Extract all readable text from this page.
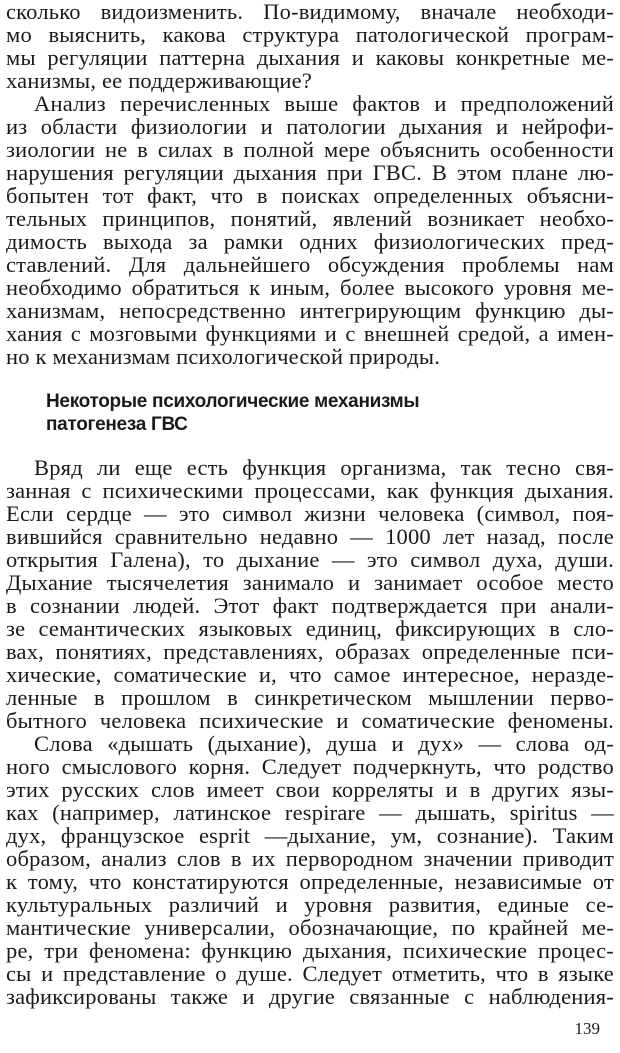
сколько видоизменить. По-видимому, вначале необходи-
мо выяснить, какова структура патологической програм-
мы регуляции паттерна дыхания и каковы конкретные ме-
ханизмы, ее поддерживающие?
Анализ перечисленных выше фактов и предположений
из области физиологии и патологии дыхания и нейрофи-
зиологии не в силах в полной мере объяснить особенности
нарушения регуляции дыхания при ГВС. В этом плане лю-
бопытен тот факт, что в поисках определенных объясни-
тельных принципов, понятий, явлений возникает необхо-
димость выхода за рамки одних физиологических пред-
ставлений. Для дальнейшего обсуждения проблемы нам
необходимо обратиться к иным, более высокого уровня ме-
ханизмам, непосредственно интегрирующим функцию ды-
хания с мозговыми функциями и с внешней средой, а имен-
но к механизмам психологической природы.
Некоторые психологические механизмы
патогенеза ГВС
Вряд ли еще есть функция организма, так тесно свя-
занная с психическими процессами, как функция дыхания.
Если сердце — это символ жизни человека (символ, поя-
вившийся сравнительно недавно — 1000 лет назад, после
открытия Галена), то дыхание — это символ духа, души.
Дыхание тысячелетия занимало и занимает особое место
в сознании людей. Этот факт подтверждается при анали-
зе семантических языковых единиц, фиксирующих в сло-
вах, понятиях, представлениях, образах определенные пси-
хические, соматические и, что самое интересное, неразде-
ленные в прошлом в синкретическом мышлении перво-
бытного человека психические и соматические феномены.
Слова «дышать (дыхание), душа и дух» — слова од-
ного смыслового корня. Следует подчеркнуть, что родство
этих русских слов имеет свои корреляты и в других язы-
ках (например, латинское respirare — дышать, spiritus —
дух, французское esprit —дыхание, ум, сознание). Таким
образом, анализ слов в их первородном значении приводит
к тому, что констатируются определенные, независимые от
культуральных различий и уровня развития, единые се-
мантические универсалии, обозначающие, по крайней ме-
ре, три феномена: функцию дыхания, психические процес-
сы и представление о душе. Следует отметить, что в языке
зафиксированы также и другие связанные с наблюдения-
139
